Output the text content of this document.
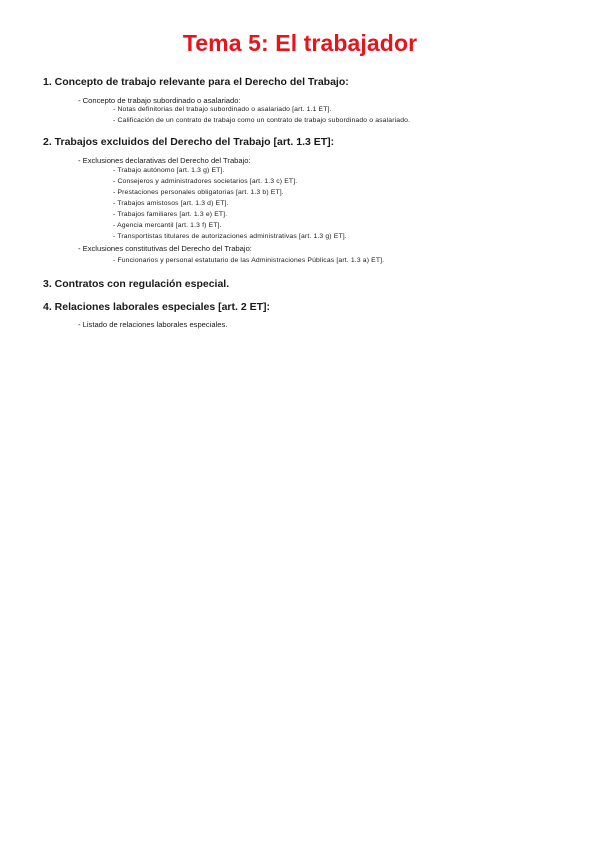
Tema 5: El trabajador
1. Concepto de trabajo relevante para el Derecho del Trabajo:
- Concepto de trabajo subordinado o asalariado:
- Notas definitorias del trabajo subordinado o asalariado [art. 1.1 ET].
- Calificación de un contrato de trabajo como un contrato de trabajo subordinado o asalariado.
2. Trabajos excluidos del Derecho del Trabajo [art. 1.3 ET]:
- Exclusiones declarativas del Derecho del Trabajo:
- Trabajo autónomo [art. 1.3 g) ET].
- Consejeros y administradores societarios [art. 1.3 c) ET].
- Prestaciones personales obligatorias [art. 1.3 b) ET].
- Trabajos amistosos [art. 1.3 d) ET].
- Trabajos familiares [art. 1.3 e) ET].
- Agencia mercantil [art. 1.3 f) ET].
- Transportistas titulares de autorizaciones administrativas [art. 1.3 g) ET].
- Exclusiones constitutivas del Derecho del Trabajo:
- Funcionarios y personal estatutario de las Administraciones Públicas [art. 1.3 a) ET].
3. Contratos con regulación especial.
4. Relaciones laborales especiales [art. 2 ET]:
- Listado de relaciones laborales especiales.
